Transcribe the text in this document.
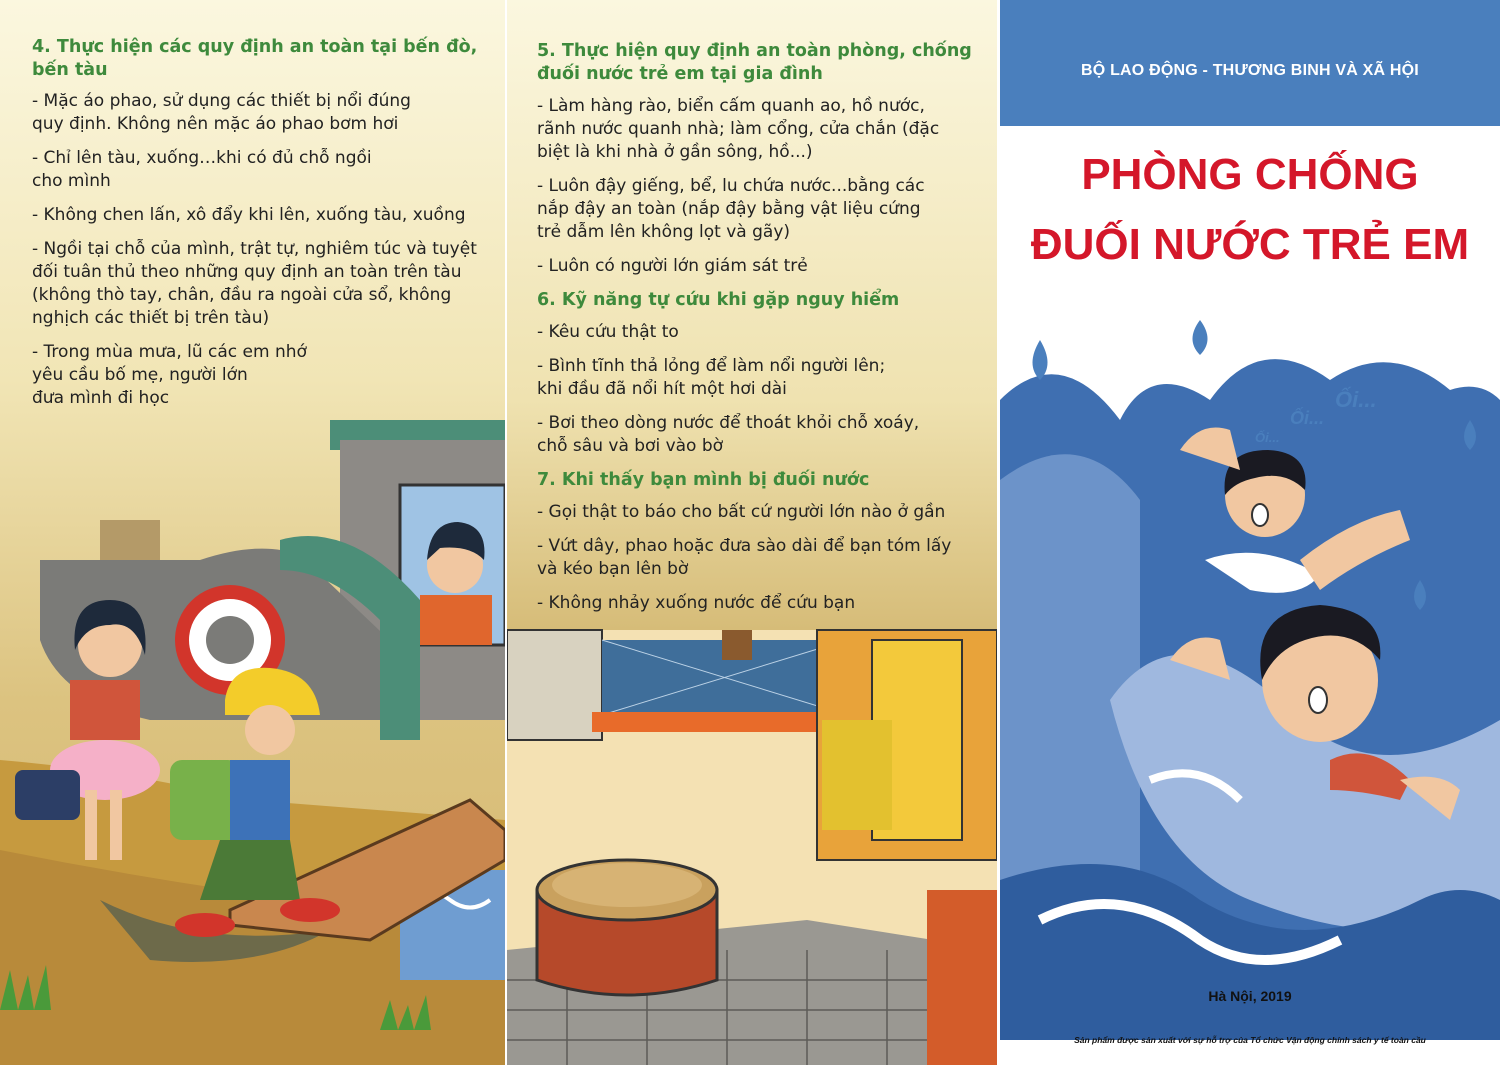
4. Thực hiện các quy định an toàn tại bến đò, bến tàu
- Mặc áo phao, sử dụng các thiết bị nổi đúng
quy định. Không nên mặc áo phao bơm hơi
- Chỉ lên tàu, xuống…khi có đủ chỗ ngồi
cho mình
- Không chen lấn, xô đẩy khi lên, xuống tàu, xuồng
- Ngồi tại chỗ của mình, trật tự, nghiêm túc và tuyệt đối tuân thủ theo những quy định an toàn trên tàu (không thò tay, chân, đầu ra ngoài cửa sổ, không nghịch các thiết bị trên tàu)
- Trong mùa mưa, lũ các em nhớ
yêu cầu bố mẹ, người lớn
đưa mình đi học
5. Thực hiện quy định an toàn phòng, chống đuối nước trẻ em tại gia đình
- Làm hàng rào, biển cấm quanh ao, hồ nước,
rãnh nước quanh nhà; làm cổng, cửa chắn (đặc
biệt là khi nhà ở gần sông, hồ...)
- Luôn đậy giếng, bể, lu chứa nước...bằng các
nắp đậy an toàn (nắp đậy bằng vật liệu cứng
trẻ dẫm lên không lọt và gãy)
- Luôn có người lớn giám sát trẻ
6. Kỹ năng tự cứu khi gặp nguy hiểm
- Kêu cứu thật to
- Bình tĩnh thả lỏng để làm nổi người lên;
khi đầu đã nổi hít một hơi dài
- Bơi theo dòng nước để thoát khỏi chỗ xoáy,
chỗ sâu và bơi vào bờ
7. Khi thấy bạn mình bị đuối nước
- Gọi thật to báo cho bất cứ người lớn nào ở gần
- Vứt dây, phao hoặc đưa sào dài để bạn tóm lấy
và kéo bạn lên bờ
- Không nhảy xuống nước để cứu bạn
BỘ LAO ĐỘNG - THƯƠNG BINH VÀ XÃ HỘI
PHÒNG CHỐNG
ĐUỐI NƯỚC TRẺ EM
Ối...
Ối...
Ối...
Hà Nội, 2019
Sản phẩm được sản xuất với sự hỗ trợ của Tổ chức Vận động chính sách y tế toàn cầu
